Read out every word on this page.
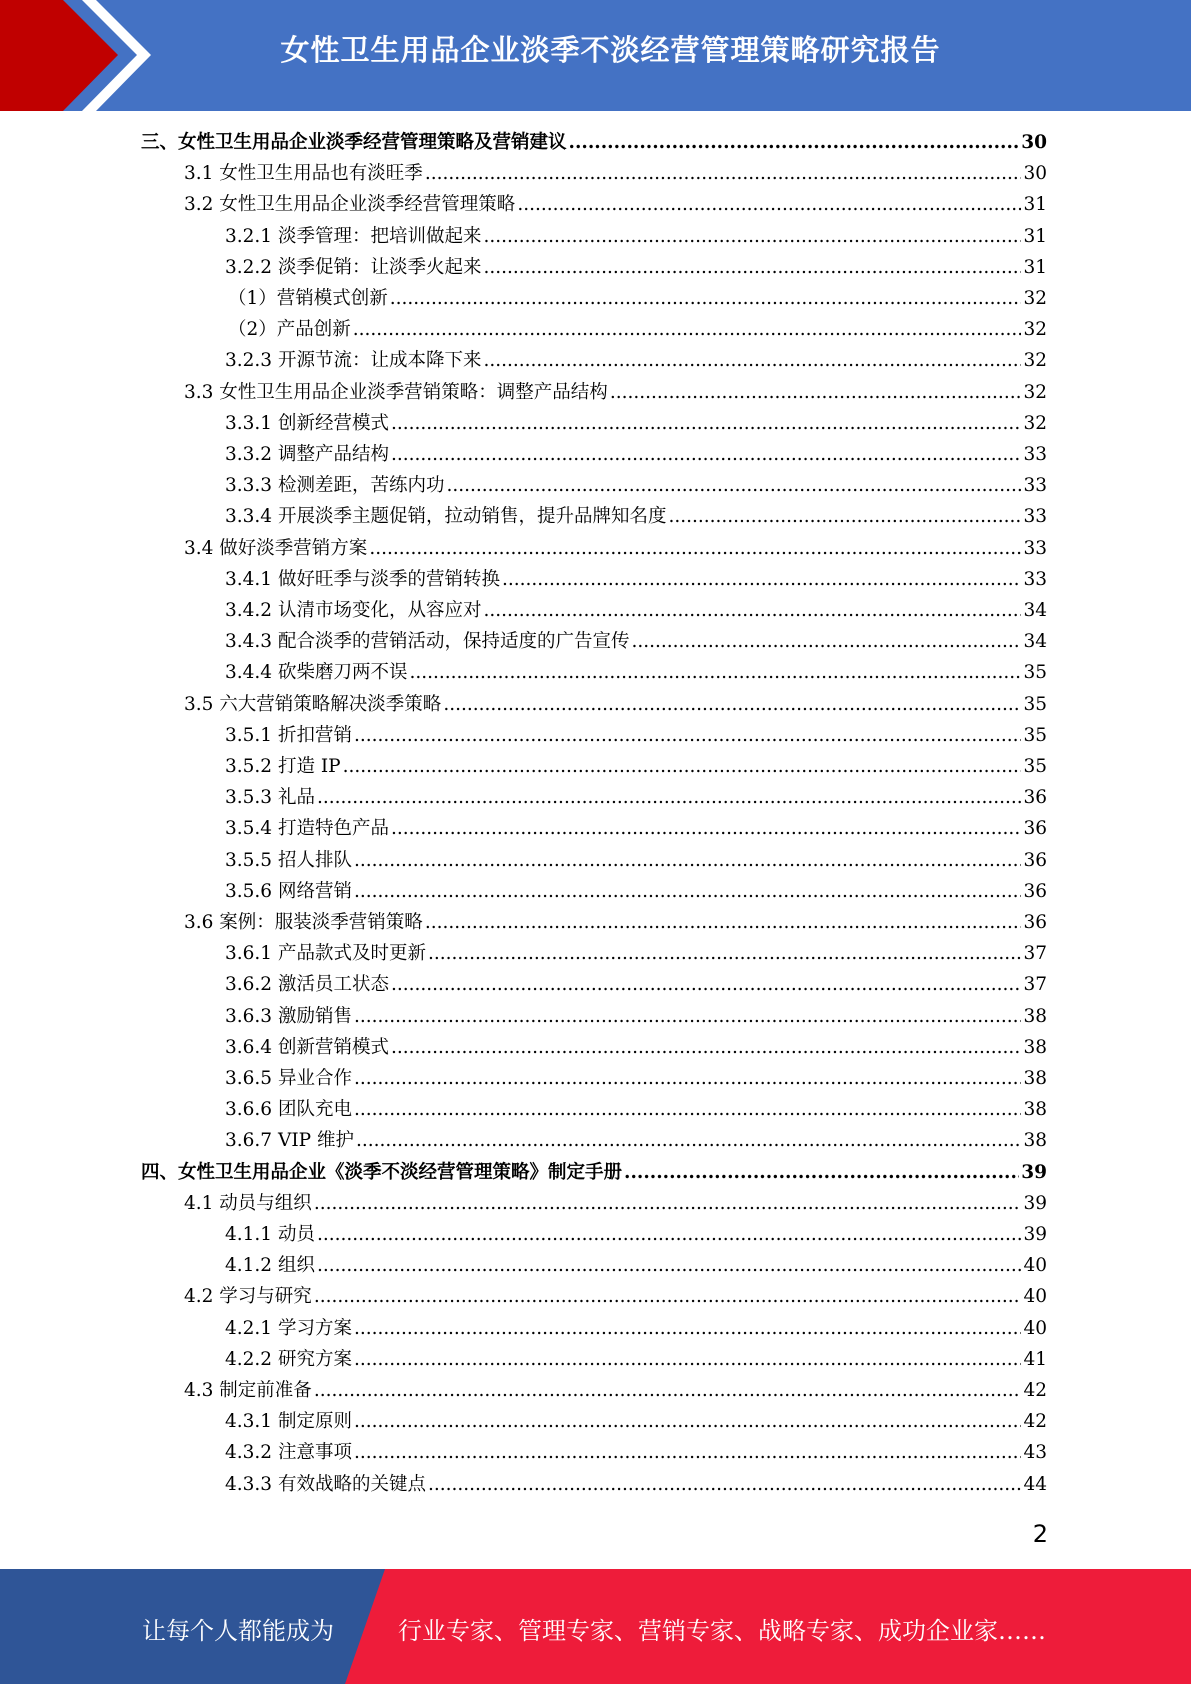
女性卫生用品企业淡季不淡经营管理策略研究报告
三、女性卫生用品企业淡季经营管理策略及营销建议 .....	30
3.1 女性卫生用品也有淡旺季 .....	30
3.2 女性卫生用品企业淡季经营管理策略 .....	31
3.2.1 淡季管理：把培训做起来 .....	31
3.2.2 淡季促销：让淡季火起来 .....	31
（1）营销模式创新 .....	32
（2）产品创新 .....	32
3.2.3 开源节流：让成本降下来 .....	32
3.3 女性卫生用品企业淡季营销策略：调整产品结构 .....	32
3.3.1 创新经营模式 .....	32
3.3.2 调整产品结构 .....	33
3.3.3 检测差距，苦练内功 .....	33
3.3.4 开展淡季主题促销，拉动销售，提升品牌知名度 .....	33
3.4 做好淡季营销方案 .....	33
3.4.1 做好旺季与淡季的营销转换 .....	33
3.4.2 认清市场变化，从容应对 .....	34
3.4.3 配合淡季的营销活动，保持适度的广告宣传 .....	34
3.4.4 砍柴磨刀两不误 .....	35
3.5 六大营销策略解决淡季策略 .....	35
3.5.1 折扣营销 .....	35
3.5.2 打造 IP .....	35
3.5.3 礼品 .....	36
3.5.4 打造特色产品 .....	36
3.5.5 招人排队 .....	36
3.5.6 网络营销 .....	36
3.6 案例：服装淡季营销策略 .....	36
3.6.1 产品款式及时更新 .....	37
3.6.2 激活员工状态 .....	37
3.6.3 激励销售 .....	38
3.6.4 创新营销模式 .....	38
3.6.5 异业合作 .....	38
3.6.6 团队充电 .....	38
3.6.7 VIP 维护 .....	38
四、女性卫生用品企业《淡季不淡经营管理策略》制定手册 .....	39
4.1 动员与组织 .....	39
4.1.1 动员 .....	39
4.1.2 组织 .....	40
4.2 学习与研究 .....	40
4.2.1 学习方案 .....	40
4.2.2 研究方案 .....	41
4.3 制定前准备 .....	42
4.3.1 制定原则 .....	42
4.3.2 注意事项 .....	43
4.3.3 有效战略的关键点 .....	44
2
让每个人都能成为	行业专家、管理专家、营销专家、战略专家、成功企业家……
